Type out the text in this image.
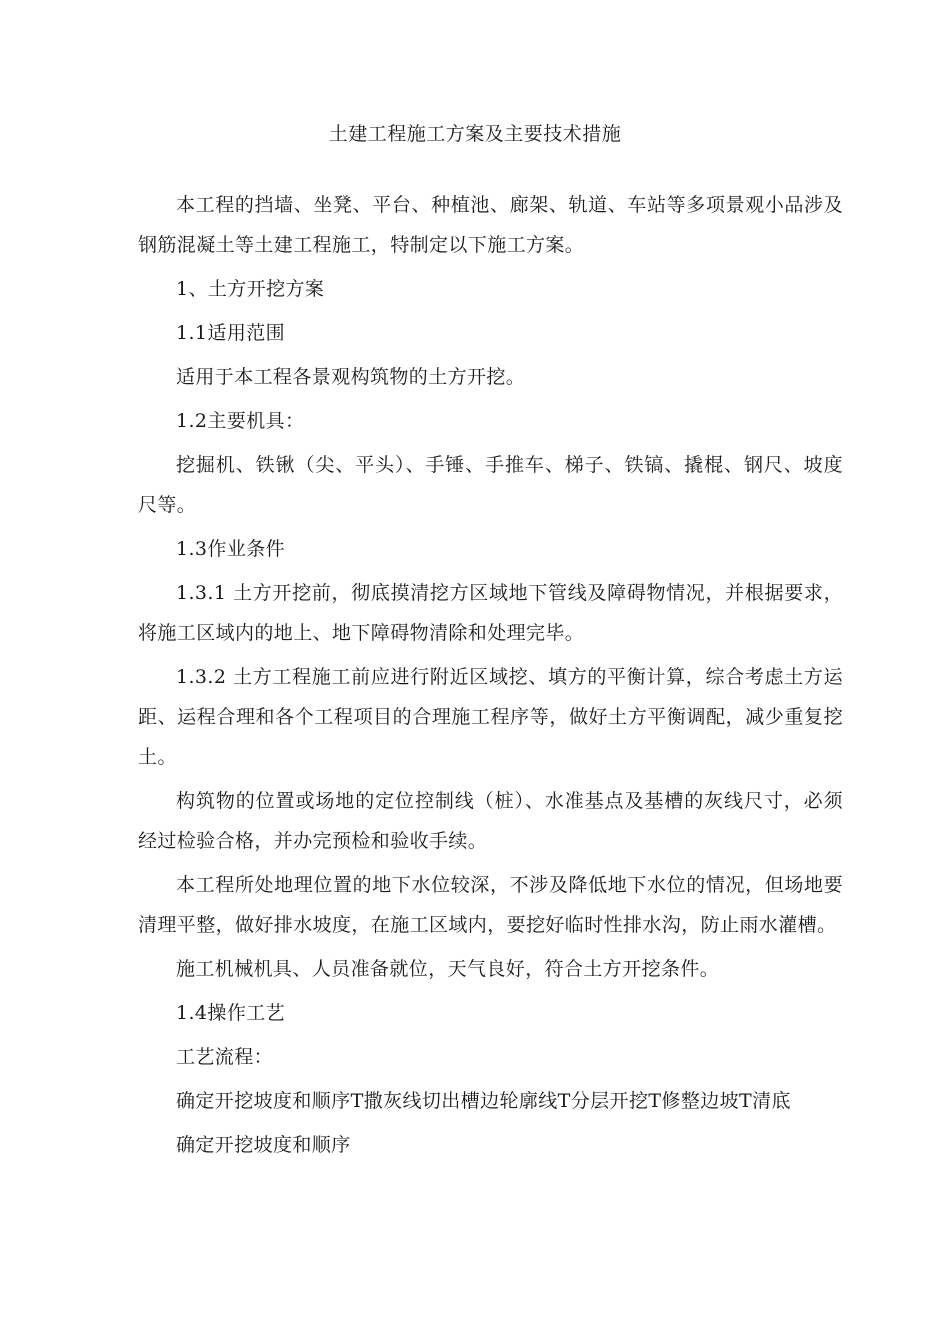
土建工程施工方案及主要技术措施

本工程的挡墙、坐凳、平台、种植池、廊架、轨道、车站等多项景观小品涉及钢筋混凝土等土建工程施工，特制定以下施工方案。

1、土方开挖方案

1.1适用范围

适用于本工程各景观构筑物的土方开挖。

1.2主要机具：

挖掘机、铁锹（尖、平头）、手锤、手推车、梯子、铁镐、撬棍、钢尺、坡度尺等。

1.3作业条件

1.3.1 土方开挖前，彻底摸清挖方区域地下管线及障碍物情况，并根据要求，将施工区域内的地上、地下障碍物清除和处理完毕。

1.3.2 土方工程施工前应进行附近区域挖、填方的平衡计算，综合考虑土方运距、运程合理和各个工程项目的合理施工程序等，做好土方平衡调配，减少重复挖土。

构筑物的位置或场地的定位控制线（桩）、水准基点及基槽的灰线尺寸，必须经过检验合格，并办完预检和验收手续。

本工程所处地理位置的地下水位较深，不涉及降低地下水位的情况，但场地要清理平整，做好排水坡度，在施工区域内，要挖好临时性排水沟，防止雨水灌槽。

施工机械机具、人员准备就位，天气良好，符合土方开挖条件。

1.4操作工艺

工艺流程：

确定开挖坡度和顺序T撒灰线切出槽边轮廓线T分层开挖T修整边坡T清底

确定开挖坡度和顺序
